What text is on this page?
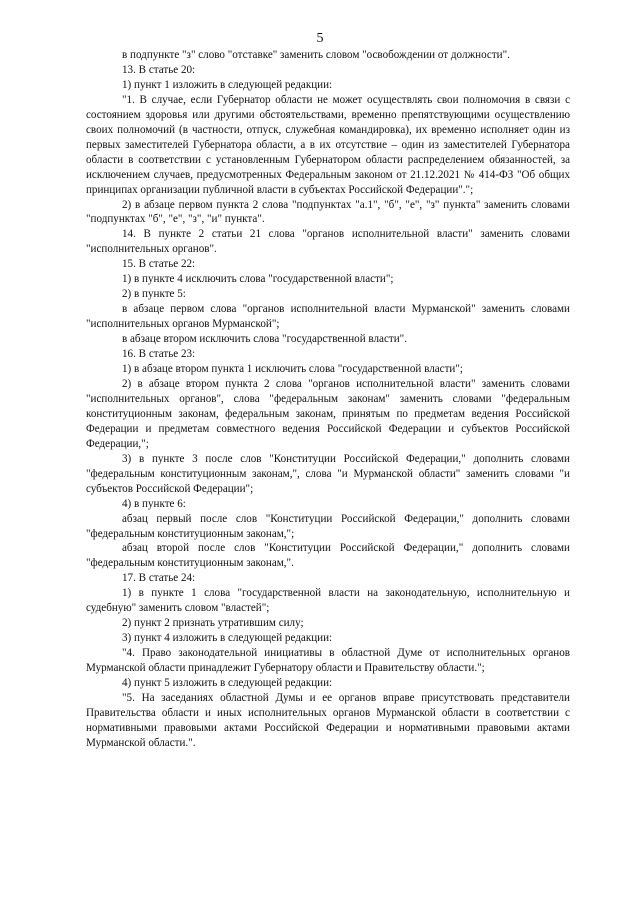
5

в подпункте "з" слово "отставке" заменить словом "освобождении от должности".

13. В статье 20:

1) пункт 1 изложить в следующей редакции:

"1. В случае, если Губернатор области не может осуществлять свои полномочия в связи с состоянием здоровья или другими обстоятельствами, временно препятствующими осуществлению своих полномочий (в частности, отпуск, служебная командировка), их временно исполняет один из первых заместителей Губернатора области, а в их отсутствие – один из заместителей Губернатора области в соответствии с установленным Губернатором области распределением обязанностей, за исключением случаев, предусмотренных Федеральным законом от 21.12.2021 № 414-ФЗ "Об общих принципах организации публичной власти в субъектах Российской Федерации".";

2) в абзаце первом пункта 2 слова "подпунктах "а.1", "б", "е", "з" пункта" заменить словами "подпунктах "б", "е", "з", "и" пункта".

14. В пункте 2 статьи 21 слова "органов исполнительной власти" заменить словами "исполнительных органов".

15. В статье 22:

1) в пункте 4 исключить слова "государственной власти";

2) в пункте 5:

в абзаце первом слова "органов исполнительной власти Мурманской" заменить словами "исполнительных органов Мурманской";

в абзаце втором исключить слова "государственной власти".

16. В статье 23:

1) в абзаце втором пункта 1 исключить слова "государственной власти";

2) в абзаце втором пункта 2 слова "органов исполнительной власти" заменить словами "исполнительных органов", слова "федеральным законам" заменить словами "федеральным конституционным законам, федеральным законам, принятым по предметам ведения Российской Федерации и предметам совместного ведения Российской Федерации и субъектов Российской Федерации,";

3) в пункте 3 после слов "Конституции Российской Федерации," дополнить словами "федеральным конституционным законам,", слова "и Мурманской области" заменить словами "и субъектов Российской Федерации";

4) в пункте 6:

абзац первый после слов "Конституции Российской Федерации," дополнить словами "федеральным конституционным законам,";

абзац второй после слов "Конституции Российской Федерации," дополнить словами "федеральным конституционным законам,".

17. В статье 24:

1) в пункте 1 слова "государственной власти на законодательную, исполнительную и судебную" заменить словом "властей";

2) пункт 2 признать утратившим силу;

3) пункт 4 изложить в следующей редакции:

"4. Право законодательной инициативы в областной Думе от исполнительных органов Мурманской области принадлежит Губернатору области и Правительству области.";

4) пункт 5 изложить в следующей редакции:

"5. На заседаниях областной Думы и ее органов вправе присутствовать представители Правительства области и иных исполнительных органов Мурманской области в соответствии с нормативными правовыми актами Российской Федерации и нормативными правовыми актами Мурманской области.".
